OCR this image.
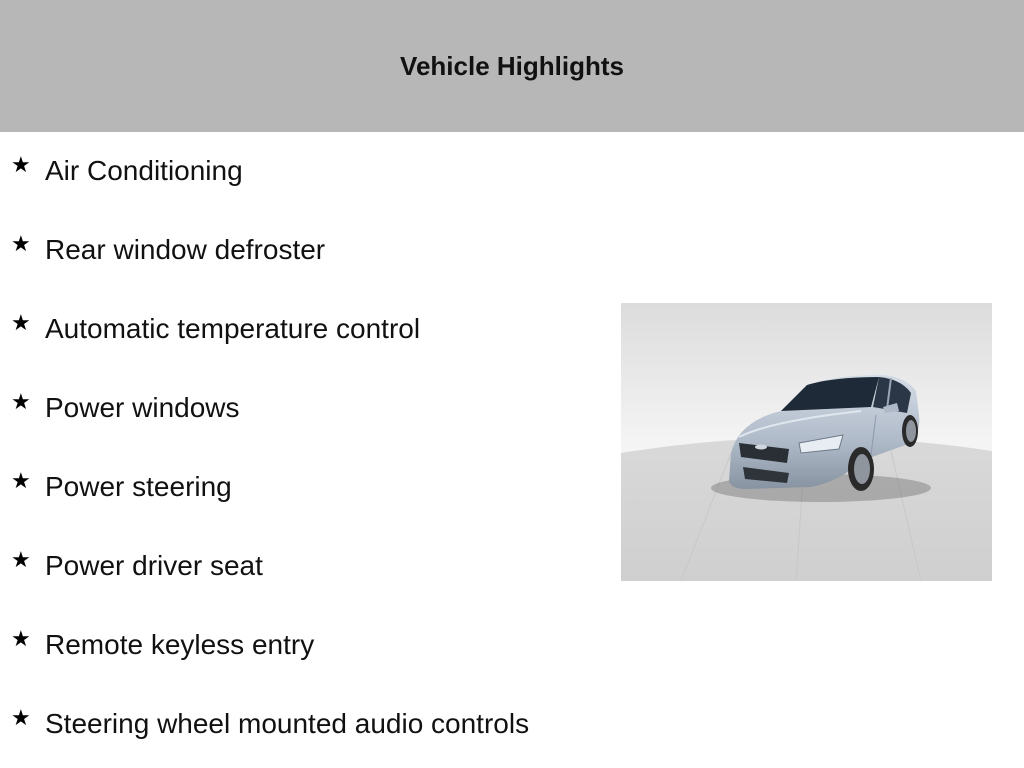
Vehicle Highlights
★ Air Conditioning
★ Rear window defroster
★ Automatic temperature control
★ Power windows
★ Power steering
★ Power driver seat
★ Remote keyless entry
★ Steering wheel mounted audio controls
